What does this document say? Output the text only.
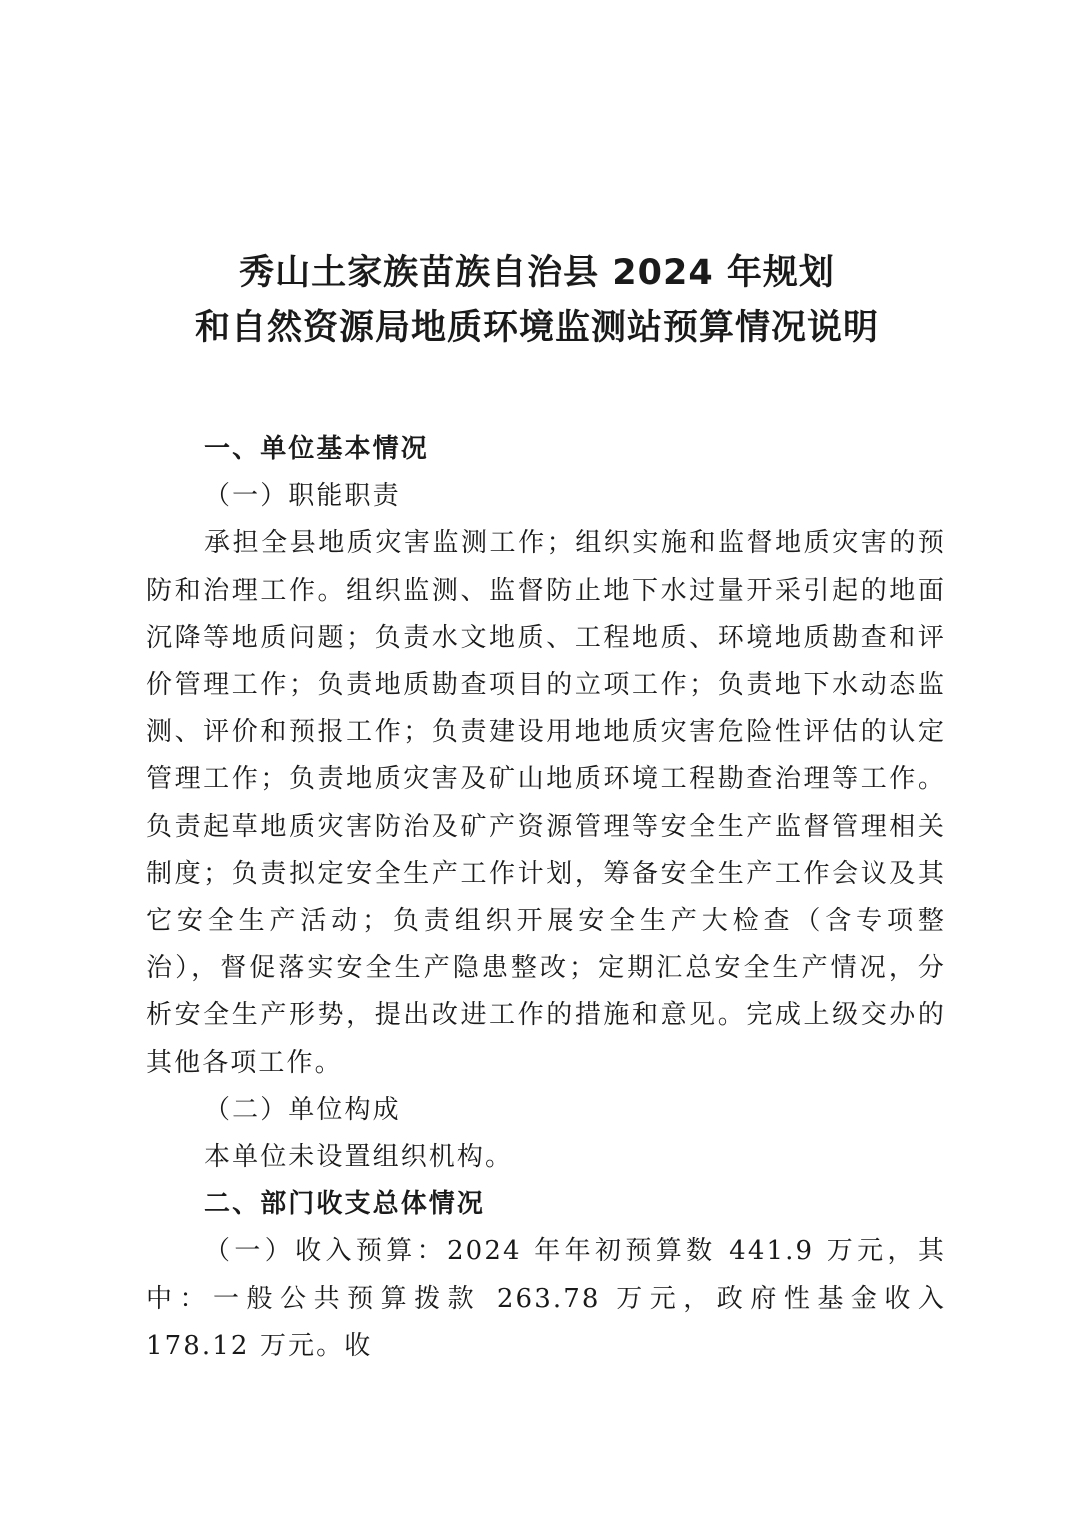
秀山土家族苗族自治县 2024 年规划
和自然资源局地质环境监测站预算情况说明

一、单位基本情况

（一）职能职责

承担全县地质灾害监测工作；组织实施和监督地质灾害的预防和治理工作。组织监测、监督防止地下水过量开采引起的地面沉降等地质问题；负责水文地质、工程地质、环境地质勘查和评价管理工作；负责地质勘查项目的立项工作；负责地下水动态监测、评价和预报工作；负责建设用地地质灾害危险性评估的认定管理工作；负责地质灾害及矿山地质环境工程勘查治理等工作。负责起草地质灾害防治及矿产资源管理等安全生产监督管理相关制度；负责拟定安全生产工作计划，筹备安全生产工作会议及其它安全生产活动；负责组织开展安全生产大检查（含专项整治），督促落实安全生产隐患整改；定期汇总安全生产情况，分析安全生产形势，提出改进工作的措施和意见。完成上级交办的其他各项工作。

（二）单位构成

本单位未设置组织机构。

二、部门收支总体情况

（一）收入预算：2024 年年初预算数 441.9 万元，其中：一般公共预算拨款 263.78 万元，政府性基金收入 178.12 万元。收
